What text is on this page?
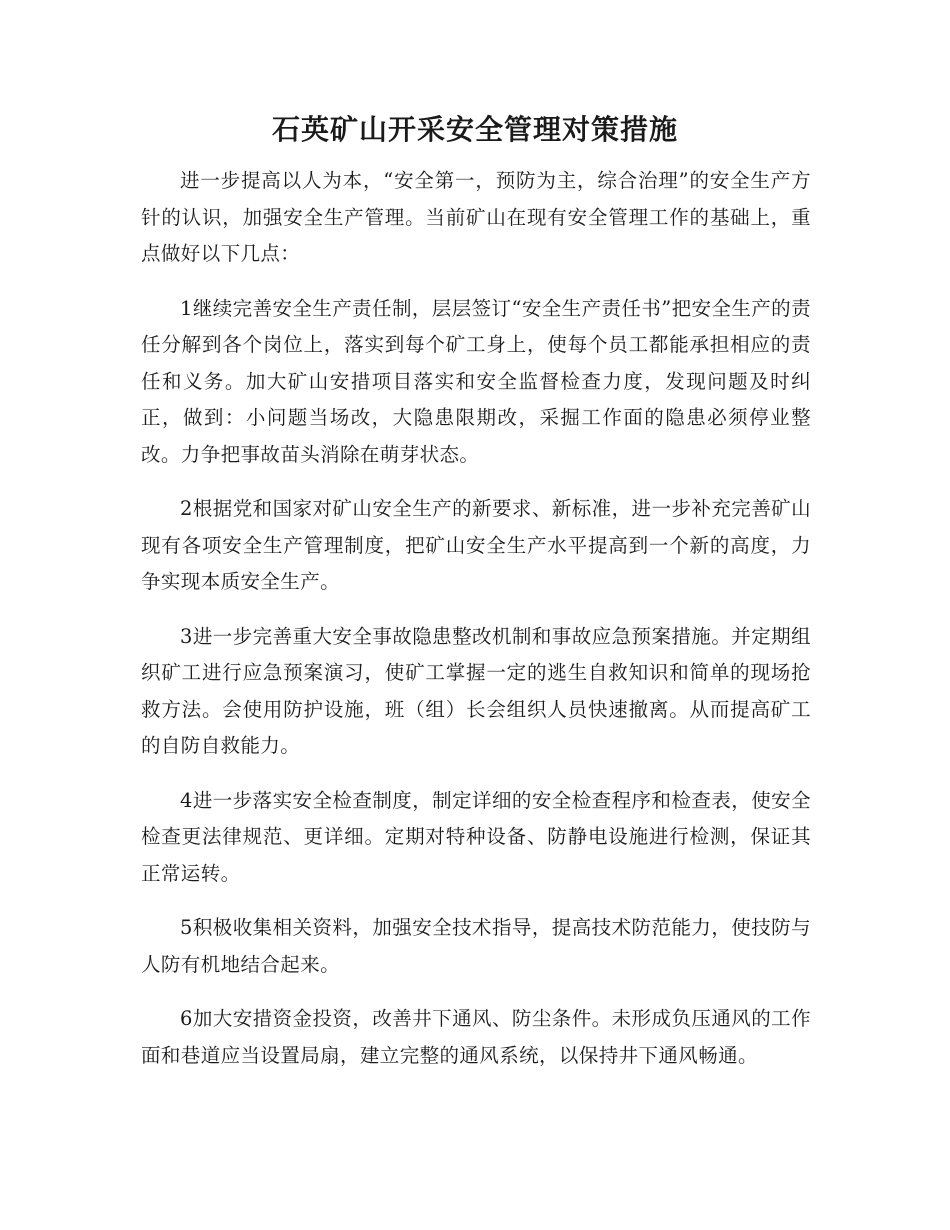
石英矿山开采安全管理对策措施

进一步提高以人为本，“安全第一，预防为主，综合治理”的安全生产方针的认识，加强安全生产管理。当前矿山在现有安全管理工作的基础上，重点做好以下几点：

1继续完善安全生产责任制，层层签订“安全生产责任书”把安全生产的责任分解到各个岗位上，落实到每个矿工身上，使每个员工都能承担相应的责任和义务。加大矿山安措项目落实和安全监督检查力度，发现问题及时纠正，做到：小问题当场改，大隐患限期改，采掘工作面的隐患必须停业整改。力争把事故苗头消除在萌芽状态。

2根据党和国家对矿山安全生产的新要求、新标准，进一步补充完善矿山现有各项安全生产管理制度，把矿山安全生产水平提高到一个新的高度，力争实现本质安全生产。

3进一步完善重大安全事故隐患整改机制和事故应急预案措施。并定期组织矿工进行应急预案演习，使矿工掌握一定的逃生自救知识和简单的现场抢救方法。会使用防护设施，班（组）长会组织人员快速撤离。从而提高矿工的自防自救能力。

4进一步落实安全检查制度，制定详细的安全检查程序和检查表，使安全检查更法律规范、更详细。定期对特种设备、防静电设施进行检测，保证其正常运转。

5积极收集相关资料，加强安全技术指导，提高技术防范能力，使技防与人防有机地结合起来。

6加大安措资金投资，改善井下通风、防尘条件。未形成负压通风的工作面和巷道应当设置局扇，建立完整的通风系统，以保持井下通风畅通。
